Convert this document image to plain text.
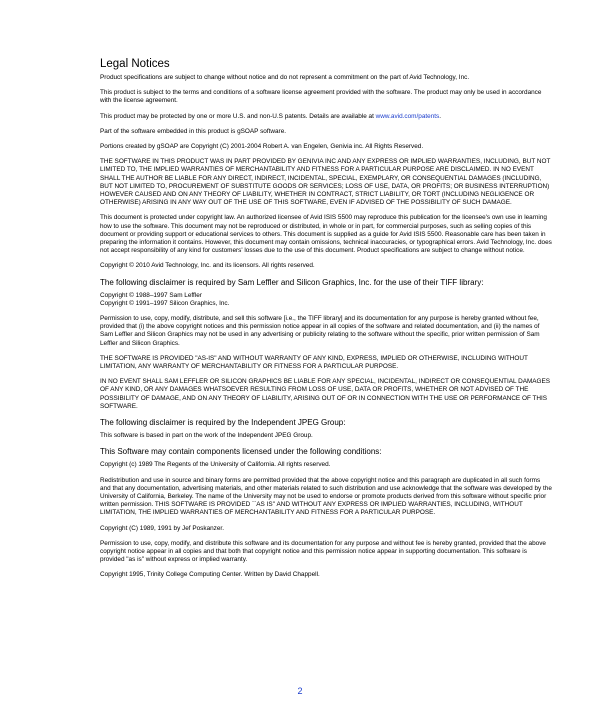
Legal Notices

Product specifications are subject to change without notice and do not represent a commitment on the part of Avid Technology, Inc.

This product is subject to the terms and conditions of a software license agreement provided with the software. The product may only be used in accordance with the license agreement.

This product may be protected by one or more U.S. and non-U.S patents. Details are available at www.avid.com/patents.

Part of the software embedded in this product is gSOAP software.

Portions created by gSOAP are Copyright (C) 2001-2004 Robert A. van Engelen, Genivia inc. All Rights Reserved.

THE SOFTWARE IN THIS PRODUCT WAS IN PART PROVIDED BY GENIVIA INC AND ANY EXPRESS OR IMPLIED WARRANTIES, INCLUDING, BUT NOT LIMITED TO, THE IMPLIED WARRANTIES OF MERCHANTABILITY AND FITNESS FOR A PARTICULAR PURPOSE ARE DISCLAIMED. IN NO EVENT SHALL THE AUTHOR BE LIABLE FOR ANY DIRECT, INDIRECT, INCIDENTAL, SPECIAL, EXEMPLARY, OR CONSEQUENTIAL DAMAGES (INCLUDING, BUT NOT LIMITED TO, PROCUREMENT OF SUBSTITUTE GOODS OR SERVICES; LOSS OF USE, DATA, OR PROFITS; OR BUSINESS INTERRUPTION) HOWEVER CAUSED AND ON ANY THEORY OF LIABILITY, WHETHER IN CONTRACT, STRICT LIABILITY, OR TORT (INCLUDING NEGLIGENCE OR OTHERWISE) ARISING IN ANY WAY OUT OF THE USE OF THIS SOFTWARE, EVEN IF ADVISED OF THE POSSIBILITY OF SUCH DAMAGE.

This document is protected under copyright law. An authorized licensee of Avid ISIS 5500 may reproduce this publication for the licensee's own use in learning how to use the software. This document may not be reproduced or distributed, in whole or in part, for commercial purposes, such as selling copies of this document or providing support or educational services to others. This document is supplied as a guide for Avid ISIS 5500. Reasonable care has been taken in preparing the information it contains. However, this document may contain omissions, technical inaccuracies, or typographical errors. Avid Technology, Inc. does not accept responsibility of any kind for customers' losses due to the use of this document. Product specifications are subject to change without notice.

Copyright © 2010 Avid Technology, Inc. and its licensors. All rights reserved.

The following disclaimer is required by Sam Leffler and Silicon Graphics, Inc. for the use of their TIFF library:

Copyright © 1988–1997 Sam Leffler
Copyright © 1991–1997 Silicon Graphics, Inc.

Permission to use, copy, modify, distribute, and sell this software [i.e., the TIFF library] and its documentation for any purpose is hereby granted without fee, provided that (i) the above copyright notices and this permission notice appear in all copies of the software and related documentation, and (ii) the names of Sam Leffler and Silicon Graphics may not be used in any advertising or publicity relating to the software without the specific, prior written permission of Sam Leffler and Silicon Graphics.

THE SOFTWARE IS PROVIDED "AS-IS" AND WITHOUT WARRANTY OF ANY KIND, EXPRESS, IMPLIED OR OTHERWISE, INCLUDING WITHOUT LIMITATION, ANY WARRANTY OF MERCHANTABILITY OR FITNESS FOR A PARTICULAR PURPOSE.

IN NO EVENT SHALL SAM LEFFLER OR SILICON GRAPHICS BE LIABLE FOR ANY SPECIAL, INCIDENTAL, INDIRECT OR CONSEQUENTIAL DAMAGES OF ANY KIND, OR ANY DAMAGES WHATSOEVER RESULTING FROM LOSS OF USE, DATA OR PROFITS, WHETHER OR NOT ADVISED OF THE POSSIBILITY OF DAMAGE, AND ON ANY THEORY OF LIABILITY, ARISING OUT OF OR IN CONNECTION WITH THE USE OR PERFORMANCE OF THIS SOFTWARE.

The following disclaimer is required by the Independent JPEG Group:

This software is based in part on the work of the Independent JPEG Group.

This Software may contain components licensed under the following conditions:

Copyright (c) 1989 The Regents of the University of California. All rights reserved.

Redistribution and use in source and binary forms are permitted provided that the above copyright notice and this paragraph are duplicated in all such forms and that any documentation, advertising materials, and other materials related to such distribution and use acknowledge that the software was developed by the University of California, Berkeley. The name of the University may not be used to endorse or promote products derived from this software without specific prior written permission. THIS SOFTWARE IS PROVIDED ``AS IS'' AND WITHOUT ANY EXPRESS OR IMPLIED WARRANTIES, INCLUDING, WITHOUT LIMITATION, THE IMPLIED WARRANTIES OF MERCHANTABILITY AND FITNESS FOR A PARTICULAR PURPOSE.

Copyright (C) 1989, 1991 by Jef Poskanzer.

Permission to use, copy, modify, and distribute this software and its documentation for any purpose and without fee is hereby granted, provided that the above copyright notice appear in all copies and that both that copyright notice and this permission notice appear in supporting documentation. This software is provided "as is" without express or implied warranty.

Copyright 1995, Trinity College Computing Center. Written by David Chappell.

2
